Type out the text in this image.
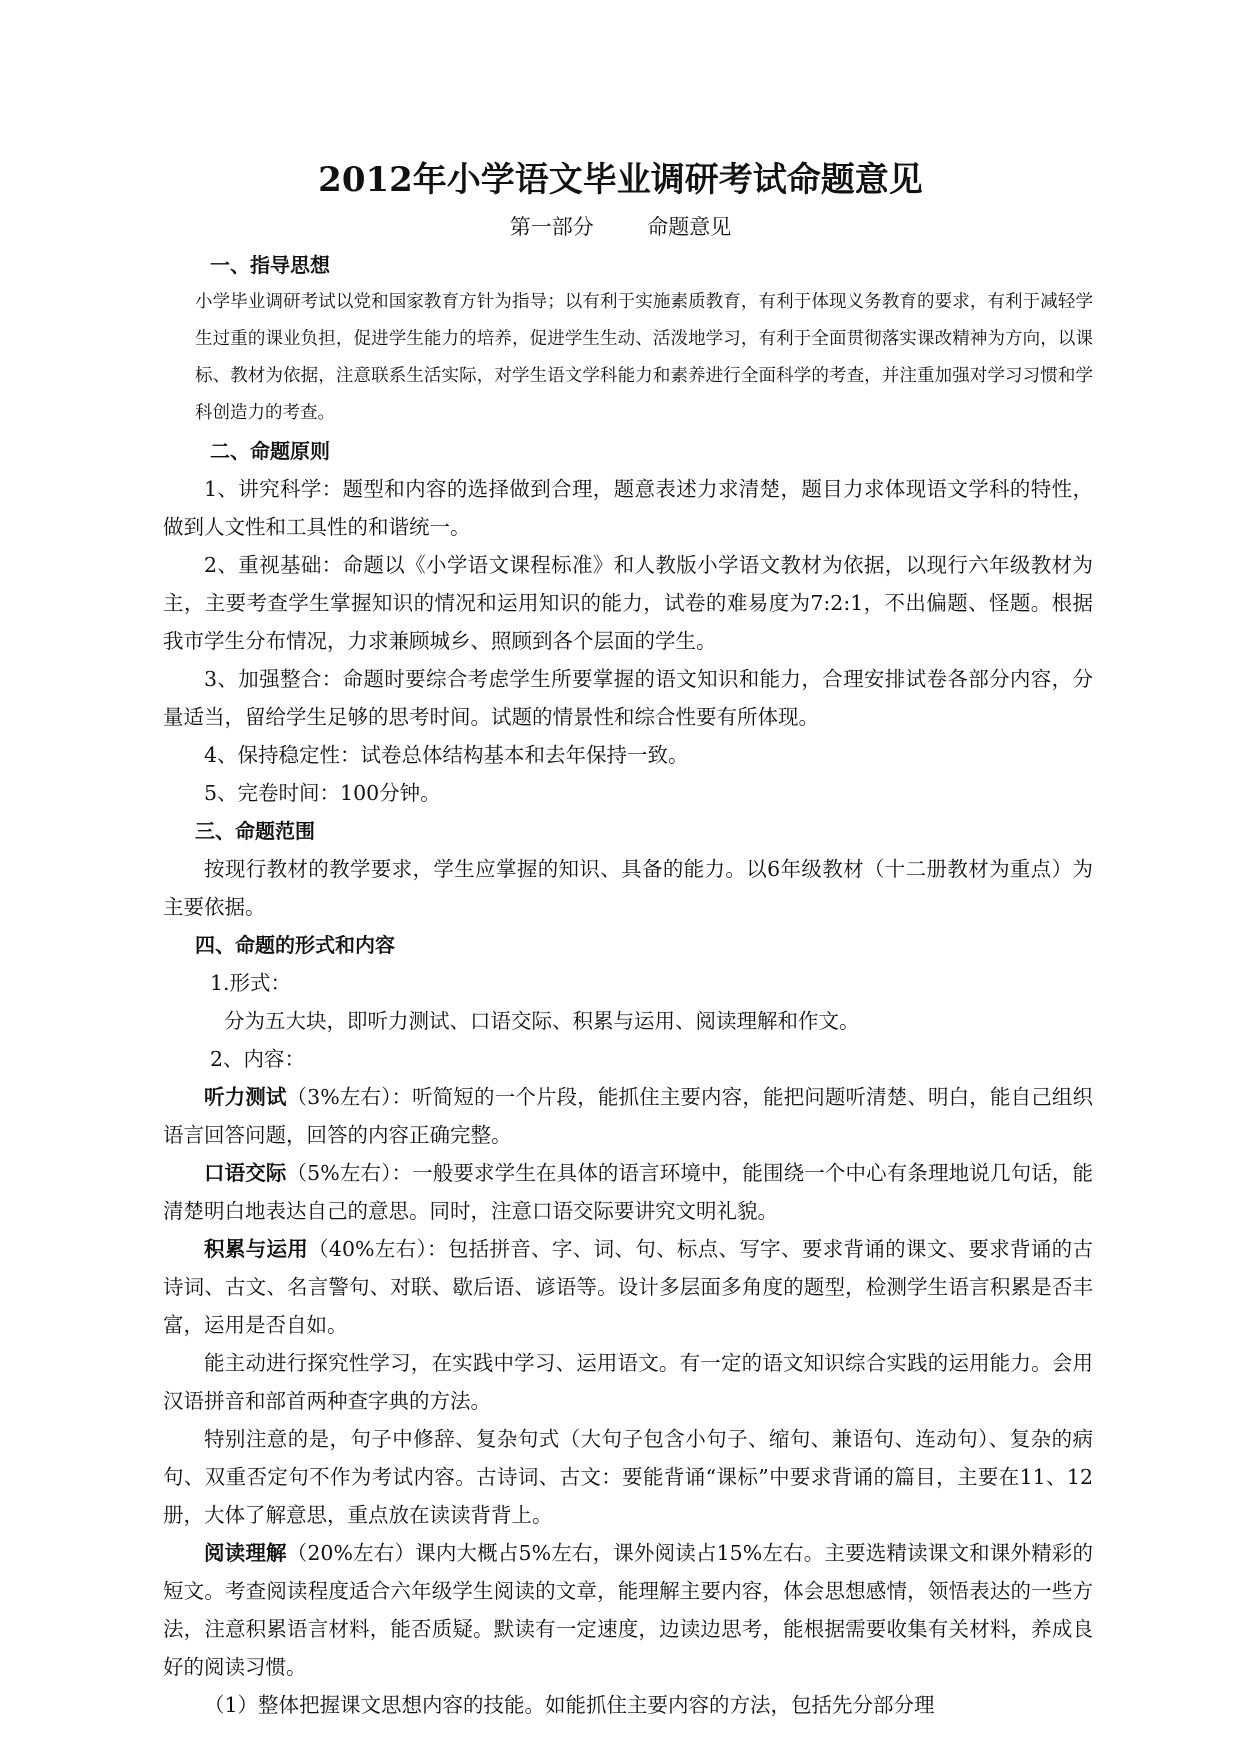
2012年小学语文毕业调研考试命题意见
第一部分        命题意见

一、指导思想

小学毕业调研考试以党和国家教育方针为指导；以有利于实施素质教育，有利于体现义务教育的要求，有利于减轻学生过重的课业负担，促进学生能力的培养，促进学生生动、活泼地学习，有利于全面贯彻落实课改精神为方向，以课标、教材为依据，注意联系生活实际，对学生语文学科能力和素养进行全面科学的考查，并注重加强对学习习惯和学科创造力的考查。

二、命题原则

1、讲究科学：题型和内容的选择做到合理，题意表述力求清楚，题目力求体现语文学科的特性，做到人文性和工具性的和谐统一。

2、重视基础：命题以《小学语文课程标准》和人教版小学语文教材为依据，以现行六年级教材为主，主要考查学生掌握知识的情况和运用知识的能力，试卷的难易度为7:2:1，不出偏题、怪题。根据我市学生分布情况，力求兼顾城乡、照顾到各个层面的学生。

3、加强整合：命题时要综合考虑学生所要掌握的语文知识和能力，合理安排试卷各部分内容，分量适当，留给学生足够的思考时间。试题的情景性和综合性要有所体现。

4、保持稳定性：试卷总体结构基本和去年保持一致。

5、完卷时间：100分钟。

三、命题范围

按现行教材的教学要求，学生应掌握的知识、具备的能力。以6年级教材（十二册教材为重点）为主要依据。

四、命题的形式和内容

1.形式：

分为五大块，即听力测试、口语交际、积累与运用、阅读理解和作文。

2、内容：

听力测试（3%左右）：听简短的一个片段，能抓住主要内容，能把问题听清楚、明白，能自己组织语言回答问题，回答的内容正确完整。

口语交际（5%左右）：一般要求学生在具体的语言环境中，能围绕一个中心有条理地说几句话，能清楚明白地表达自己的意思。同时，注意口语交际要讲究文明礼貌。

积累与运用（40%左右）：包括拼音、字、词、句、标点、写字、要求背诵的课文、要求背诵的古诗词、古文、名言警句、对联、歇后语、谚语等。设计多层面多角度的题型，检测学生语言积累是否丰富，运用是否自如。

能主动进行探究性学习，在实践中学习、运用语文。有一定的语文知识综合实践的运用能力。会用汉语拼音和部首两种查字典的方法。

特别注意的是，句子中修辞、复杂句式（大句子包含小句子、缩句、兼语句、连动句）、复杂的病句、双重否定句不作为考试内容。古诗词、古文：要能背诵“课标”中要求背诵的篇目，主要在11、12册，大体了解意思，重点放在读读背背上。

阅读理解（20%左右）课内大概占5%左右，课外阅读占15%左右。主要选精读课文和课外精彩的短文。考查阅读程度适合六年级学生阅读的文章，能理解主要内容，体会思想感情，领悟表达的一些方法，注意积累语言材料，能否质疑。默读有一定速度，边读边思考，能根据需要收集有关材料，养成良好的阅读习惯。

（1）整体把握课文思想内容的技能。如能抓住主要内容的方法，包括先分部分理
